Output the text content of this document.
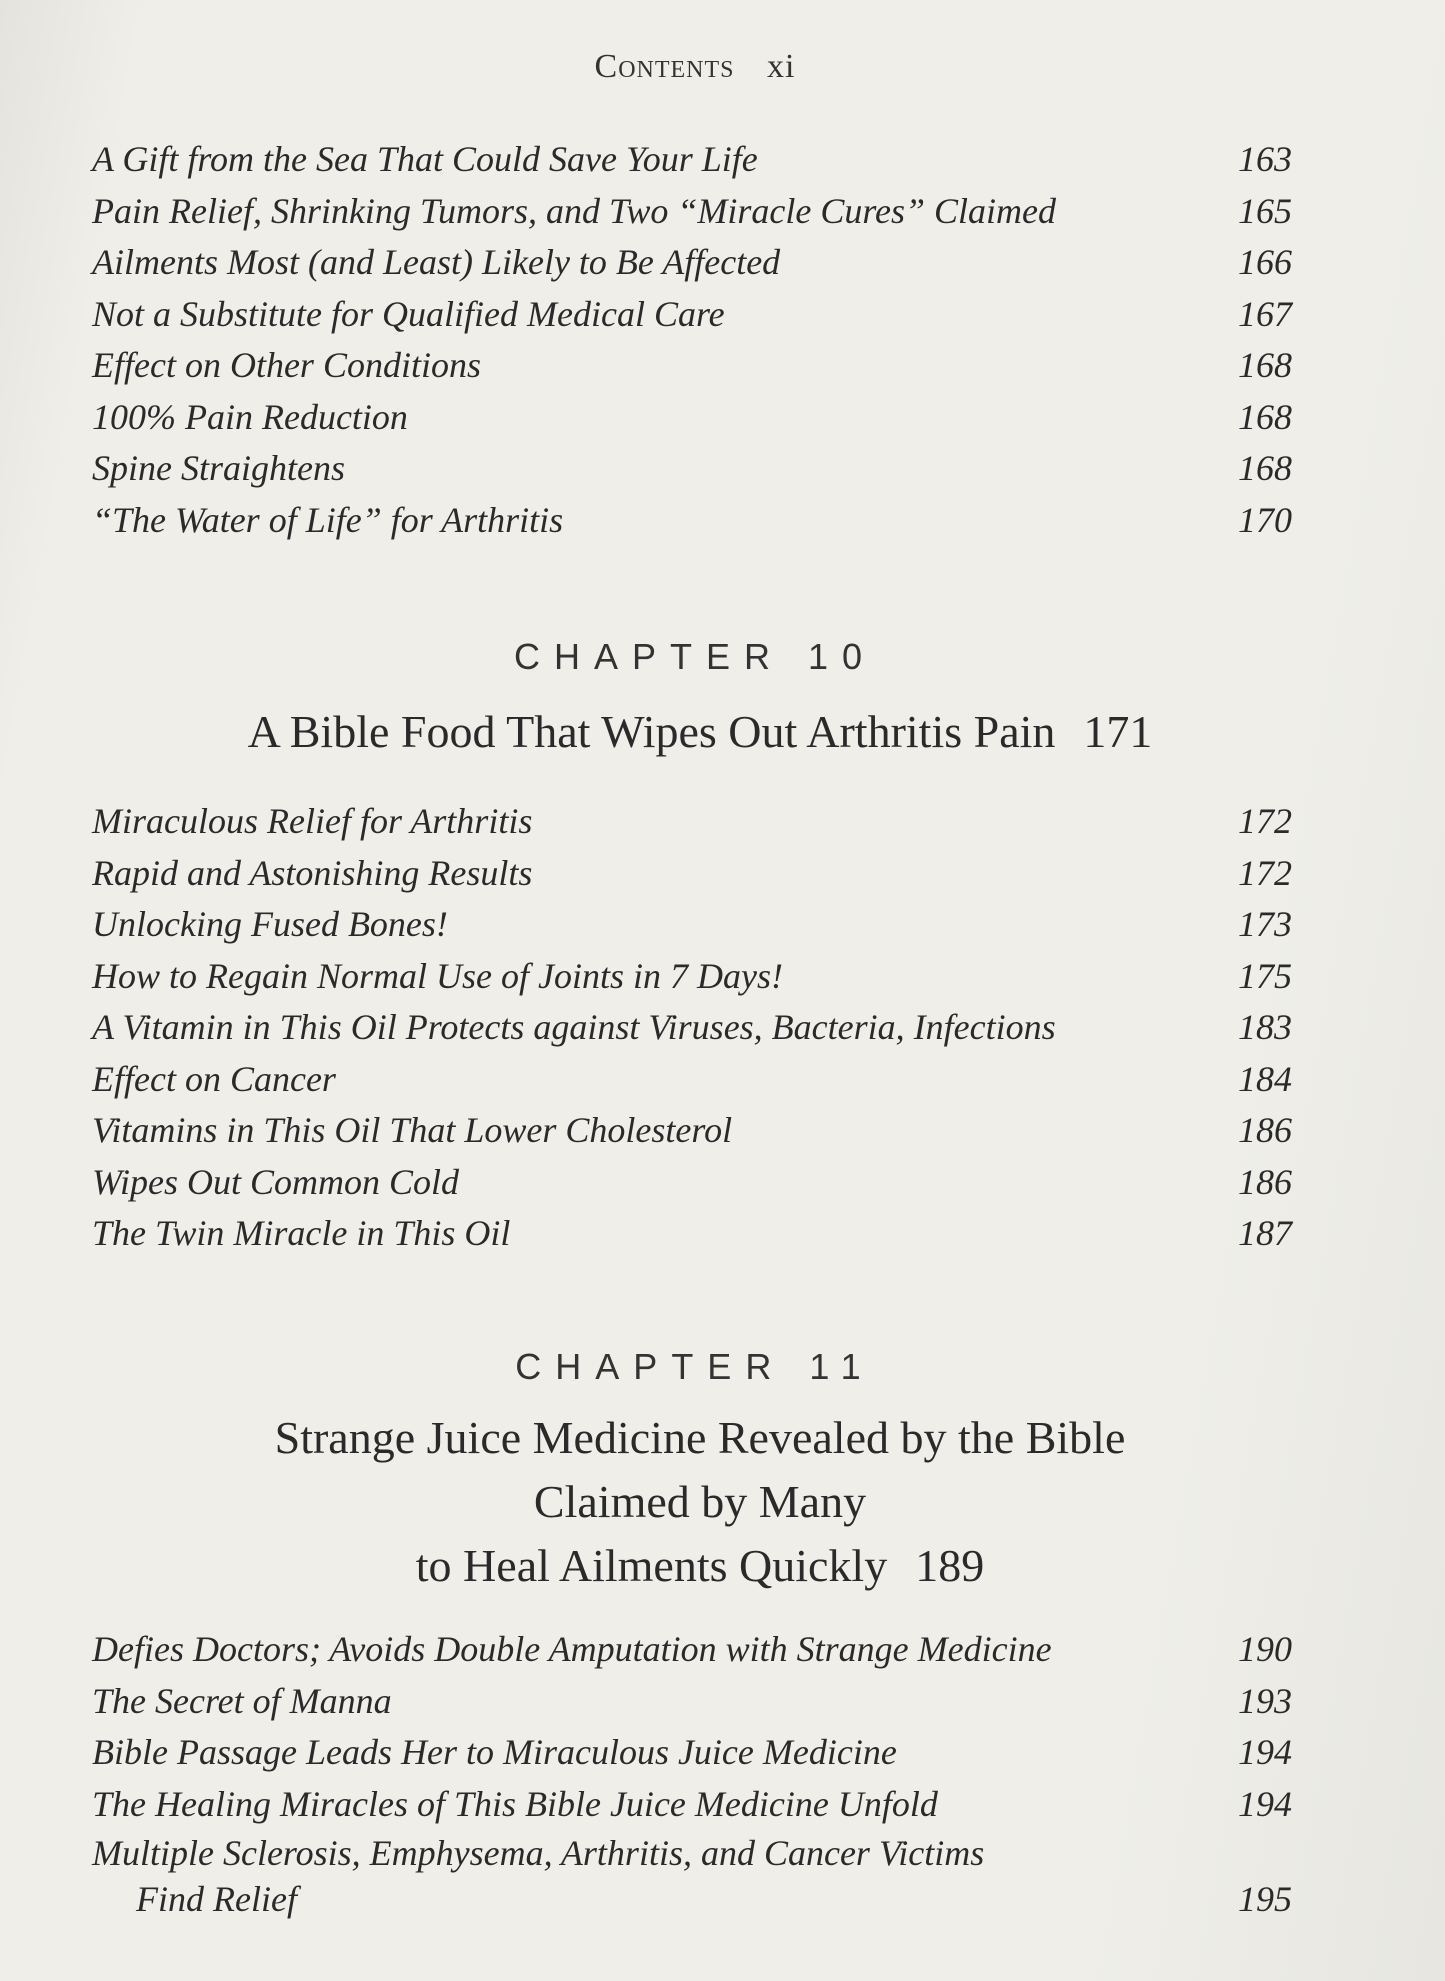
Contents xi
A Gift from the Sea That Could Save Your Life	163
Pain Relief, Shrinking Tumors, and Two “Miracle Cures” Claimed	165
Ailments Most (and Least) Likely to Be Affected	166
Not a Substitute for Qualified Medical Care	167
Effect on Other Conditions	168
100% Pain Reduction	168
Spine Straightens	168
“The Water of Life” for Arthritis	170
CHAPTER 10
A Bible Food That Wipes Out Arthritis Pain 171
Miraculous Relief for Arthritis	172
Rapid and Astonishing Results	172
Unlocking Fused Bones!	173
How to Regain Normal Use of Joints in 7 Days!	175
A Vitamin in This Oil Protects against Viruses, Bacteria, Infections	183
Effect on Cancer	184
Vitamins in This Oil That Lower Cholesterol	186
Wipes Out Common Cold	186
The Twin Miracle in This Oil	187
CHAPTER 11
Strange Juice Medicine Revealed by the Bible
Claimed by Many
to Heal Ailments Quickly 189
Defies Doctors; Avoids Double Amputation with Strange Medicine	190
The Secret of Manna	193
Bible Passage Leads Her to Miraculous Juice Medicine	194
The Healing Miracles of This Bible Juice Medicine Unfold	194
Multiple Sclerosis, Emphysema, Arthritis, and Cancer Victims
Find Relief	195
